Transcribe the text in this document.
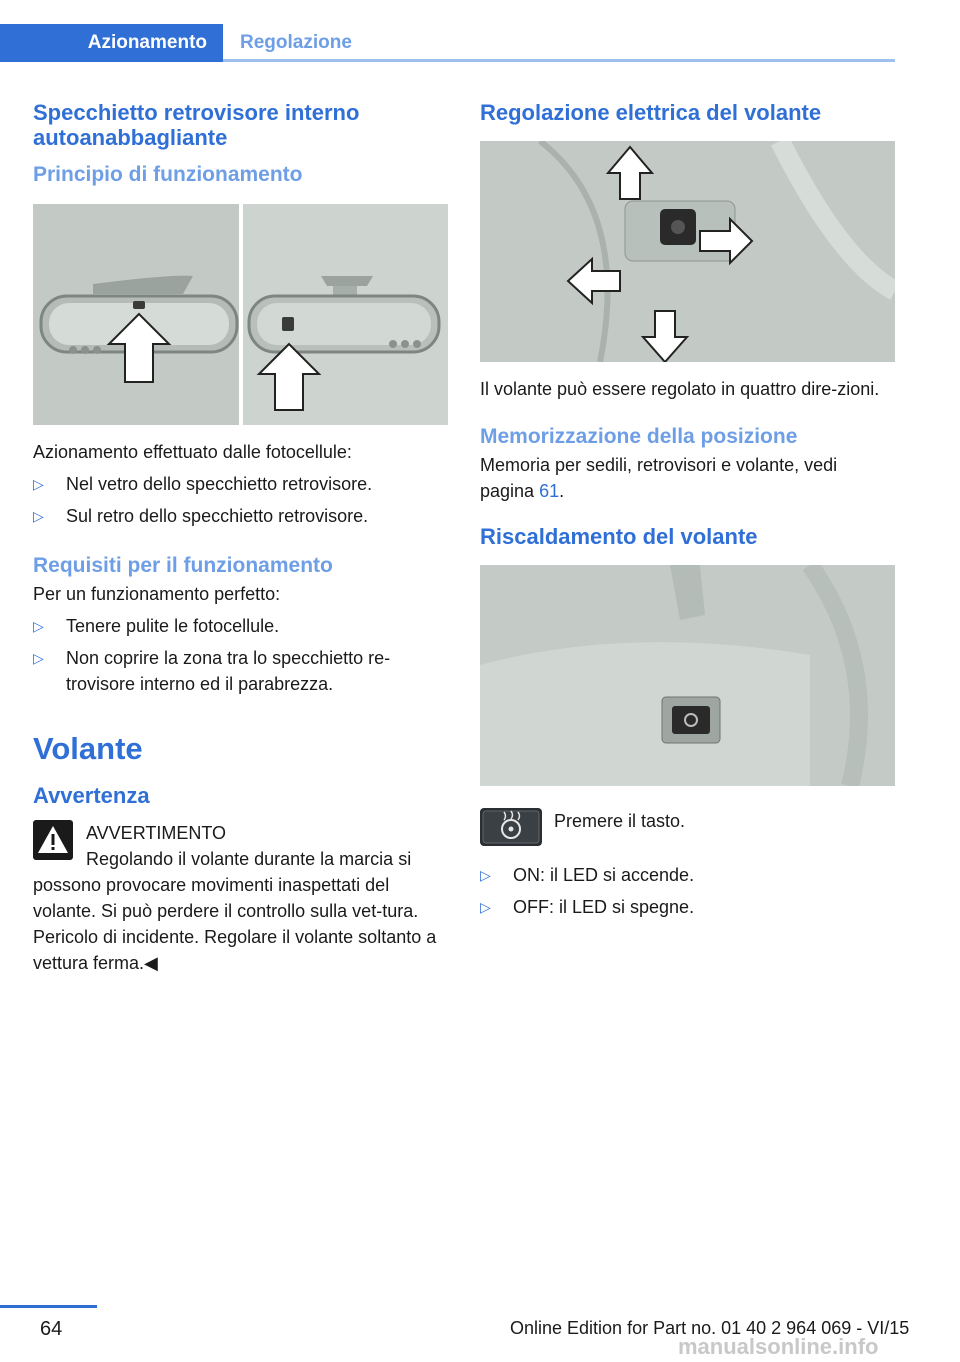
Azionamento	Regolazione
Specchietto retrovisore interno autoanabbagliante
Principio di funzionamento

Azionamento effettuato dalle fotocellule:

▷ Nel vetro dello specchietto retrovisore.
▷ Sul retro dello specchietto retrovisore.
Requisiti per il funzionamento

Per un funzionamento perfetto:

▷ Tenere pulite le fotocellule.
▷ Non coprire la zona tra lo specchietto re‐trovisore interno ed il parabrezza.
Volante
Avvertenza
AVVERTIMENTO
Regolando il volante durante la marcia si possono provocare movimenti inaspettati del volante. Si può perdere il controllo sulla vet‐tura. Pericolo di incidente. Regolare il volante soltanto a vettura ferma.◀
Regolazione elettrica del volante

Il volante può essere regolato in quattro dire‐zioni.

Memorizzazione della posizione

Memoria per sedili, retrovisori e volante, vedi pagina 61.

Riscaldamento del volante
Premere il tasto.
▷ ON: il LED si accende.
▷ OFF: il LED si spegne.
64	Online Edition for Part no. 01 40 2 964 069 - VI/15
manualsonline.info
